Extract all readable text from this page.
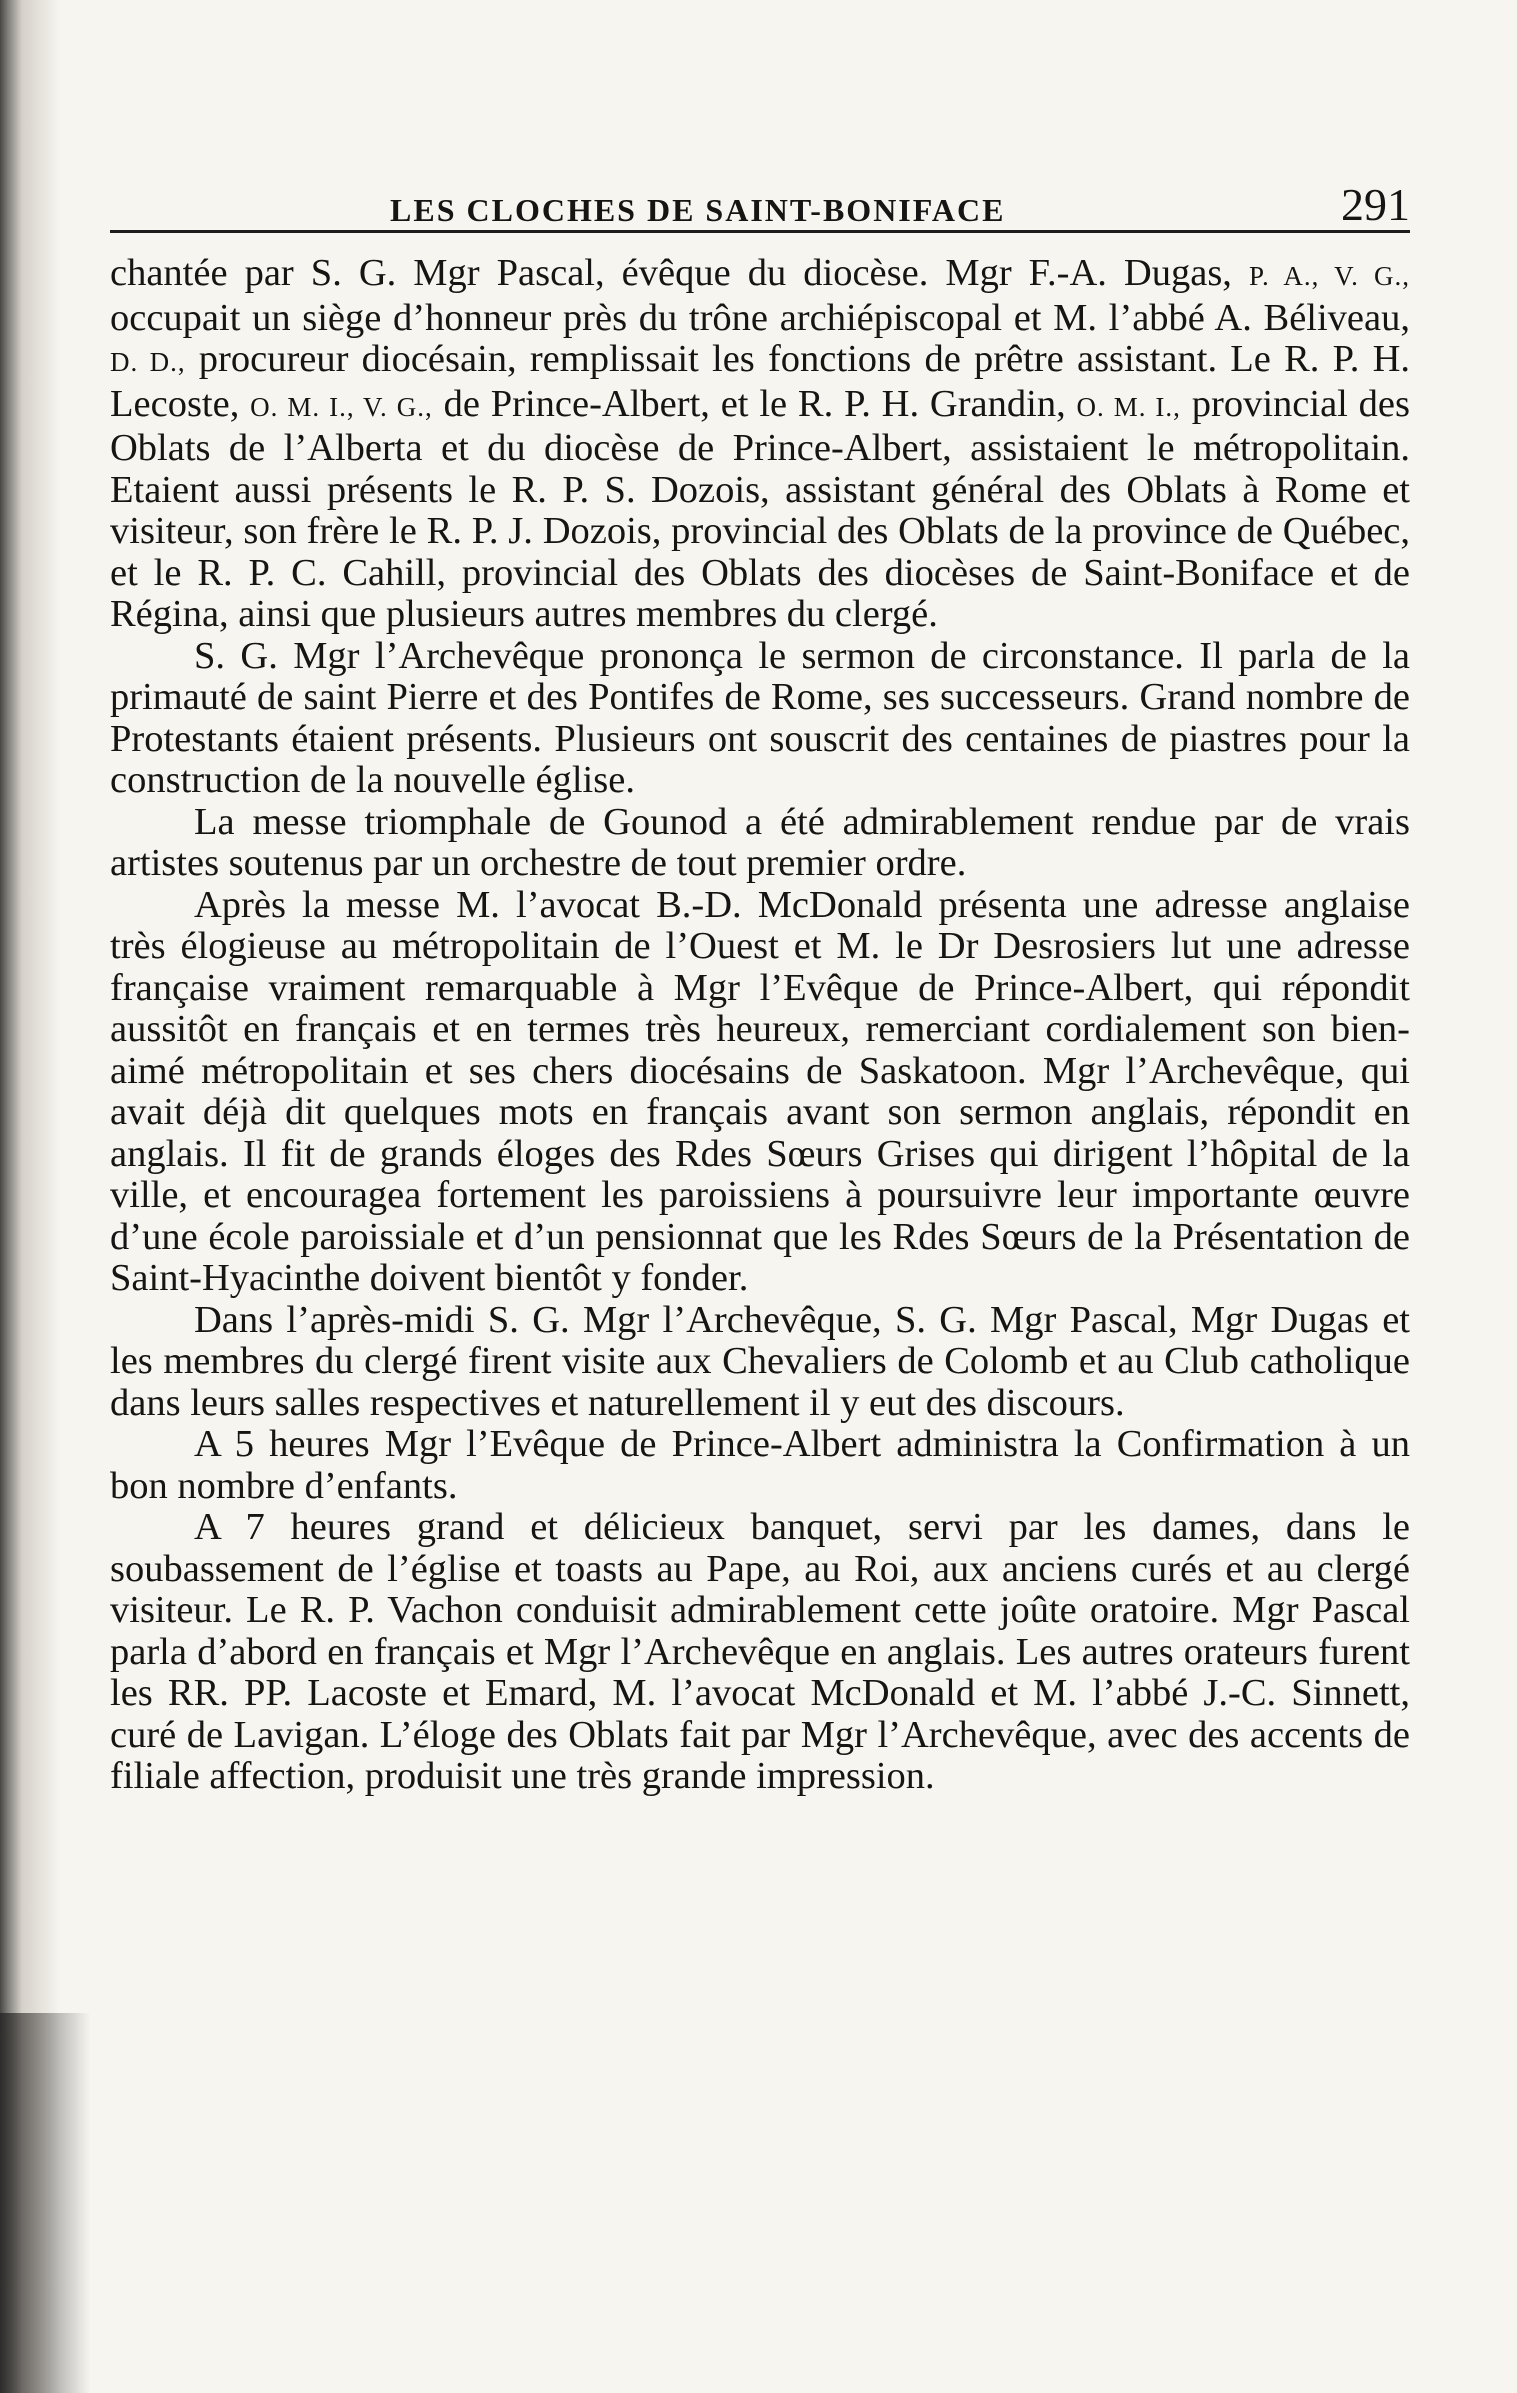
LES CLOCHES DE SAINT-BONIFACE	291

chantée par S. G. Mgr Pascal, évêque du diocèse. Mgr F.-A. Dugas, P. A., V. G., occupait un siège d’honneur près du trône archiépiscopal et M. l’abbé A. Béliveau, D. D., procureur diocésain, remplissait les fonctions de prêtre assistant. Le R. P. H. Lecoste, O. M. I., V. G., de Prince-Albert, et le R. P. H. Grandin, O. M. I., provincial des Oblats de l’Alberta et du diocèse de Prince-Albert, assistaient le métropolitain. Etaient aussi présents le R. P. S. Dozois, assistant général des Oblats à Rome et visiteur, son frère le R. P. J. Dozois, provincial des Oblats de la province de Québec, et le R. P. C. Cahill, provincial des Oblats des diocèses de Saint-Boniface et de Régina, ainsi que plusieurs autres membres du clergé.

S. G. Mgr l’Archevêque prononça le sermon de circonstance. Il parla de la primauté de saint Pierre et des Pontifes de Rome, ses successeurs. Grand nombre de Protestants étaient présents. Plusieurs ont souscrit des centaines de piastres pour la construction de la nouvelle église.

La messe triomphale de Gounod a été admirablement rendue par de vrais artistes soutenus par un orchestre de tout premier ordre.

Après la messe M. l’avocat B.-D. McDonald présenta une adresse anglaise très élogieuse au métropolitain de l’Ouest et M. le Dr Desrosiers lut une adresse française vraiment remarquable à Mgr l’Evêque de Prince-Albert, qui répondit aussitôt en français et en termes très heureux, remerciant cordialement son bien-aimé métropolitain et ses chers diocésains de Saskatoon. Mgr l’Archevêque, qui avait déjà dit quelques mots en français avant son sermon anglais, répondit en anglais. Il fit de grands éloges des Rdes Sœurs Grises qui dirigent l’hôpital de la ville, et encouragea fortement les paroissiens à poursuivre leur importante œuvre d’une école paroissiale et d’un pensionnat que les Rdes Sœurs de la Présentation de Saint-Hyacinthe doivent bientôt y fonder.

Dans l’après-midi S. G. Mgr l’Archevêque, S. G. Mgr Pascal, Mgr Dugas et les membres du clergé firent visite aux Chevaliers de Colomb et au Club catholique dans leurs salles respectives et naturellement il y eut des discours.

A 5 heures Mgr l’Evêque de Prince-Albert administra la Confirmation à un bon nombre d’enfants.

A 7 heures grand et délicieux banquet, servi par les dames, dans le soubassement de l’église et toasts au Pape, au Roi, aux anciens curés et au clergé visiteur. Le R. P. Vachon conduisit admirablement cette joûte oratoire. Mgr Pascal parla d’abord en français et Mgr l’Archevêque en anglais. Les autres orateurs furent les RR. PP. Lacoste et Emard, M. l’avocat McDonald et M. l’abbé J.-C. Sinnett, curé de Lavigan. L’éloge des Oblats fait par Mgr l’Archevêque, avec des accents de filiale affection, produisit une très grande impression.
